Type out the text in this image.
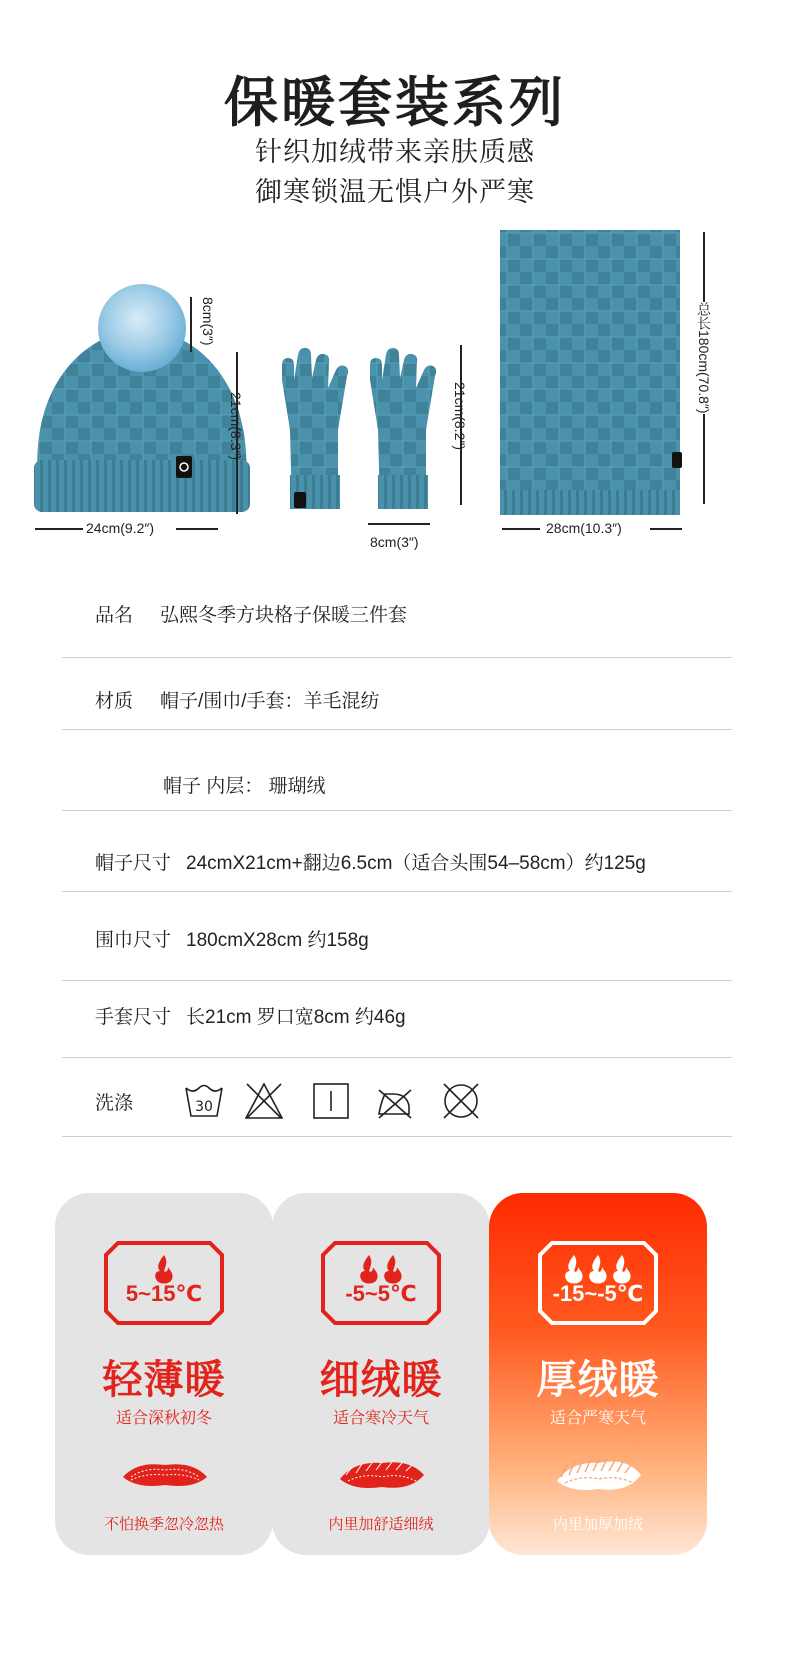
保暖套装系列
针织加绒带来亲肤质感
御寒锁温无惧户外严寒
8cm(3″)
21cm(8.3″)
24cm(9.2″)
21cm(8.2″)
8cm(3″)
总长180cm(70.8″)
28cm(10.3″)
品名 弘熙冬季方块格子保暖三件套
材质 帽子/围巾/手套：羊毛混纺
帽子 内层： 珊瑚绒
帽子尺寸 24cmX21cm+翻边6.5cm（适合头围54–58cm）约125g
围巾尺寸 180cmX28cm 约158g
手套尺寸 长21cm 罗口宽8cm 约46g
洗涤	30
5~15℃
轻薄暖
适合深秋初冬
不怕换季忽冷忽热
-5~5℃
细绒暖
适合寒冷天气
内里加舒适细绒
-15~-5℃
厚绒暖
适合严寒天气
内里加厚加绒
